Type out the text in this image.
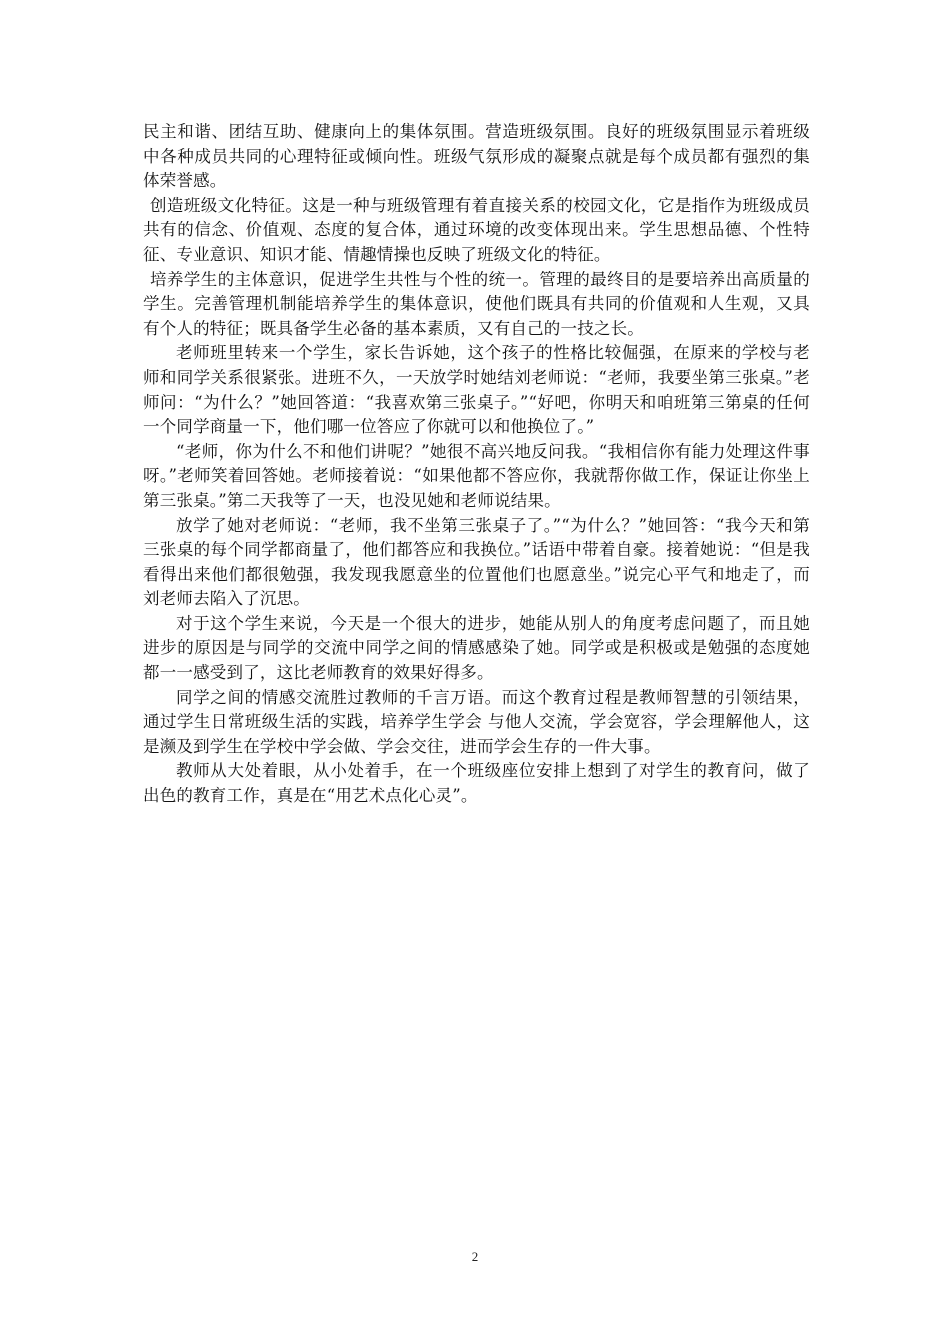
民主和谐、团结互助、健康向上的集体氛围。营造班级氛围。良好的班级氛围显示着班级中各种成员共同的心理特征或倾向性。班级气氛形成的凝聚点就是每个成员都有强烈的集体荣誉感。

创造班级文化特征。这是一种与班级管理有着直接关系的校园文化，它是指作为班级成员共有的信念、价值观、态度的复合体，通过环境的改变体现出来。学生思想品德、个性特征、专业意识、知识才能、情趣情操也反映了班级文化的特征。

培养学生的主体意识，促进学生共性与个性的统一。管理的最终目的是要培养出高质量的学生。完善管理机制能培养学生的集体意识，使他们既具有共同的价值观和人生观，又具有个人的特征；既具备学生必备的基本素质，又有自己的一技之长。

老师班里转来一个学生，家长告诉她，这个孩子的性格比较倔强，在原来的学校与老师和同学关系很紧张。进班不久，一天放学时她结刘老师说：“老师，我要坐第三张桌。”老师问：“为什么？”她回答道：“我喜欢第三张桌子。”“好吧，你明天和咱班第三第桌的任何一个同学商量一下，他们哪一位答应了你就可以和他换位了。”

“老师，你为什么不和他们讲呢？”她很不高兴地反问我。“我相信你有能力处理这件事呀。”老师笑着回答她。老师接着说：“如果他都不答应你，我就帮你做工作，保证让你坐上第三张桌。”第二天我等了一天，也没见她和老师说结果。

放学了她对老师说：“老师，我不坐第三张桌子了。”“为什么？”她回答：“我今天和第三张桌的每个同学都商量了，他们都答应和我换位。”话语中带着自豪。接着她说：“但是我看得出来他们都很勉强，我发现我愿意坐的位置他们也愿意坐。”说完心平气和地走了，而刘老师去陷入了沉思。

对于这个学生来说，今天是一个很大的进步，她能从别人的角度考虑问题了，而且她进步的原因是与同学的交流中同学之间的情感感染了她。同学或是积极或是勉强的态度她都一一感受到了，这比老师教育的效果好得多。

同学之间的情感交流胜过教师的千言万语。而这个教育过程是教师智慧的引领结果，通过学生日常班级生活的实践，培养学生学会 与他人交流，学会宽容，学会理解他人，这是濒及到学生在学校中学会做、学会交往，进而学会生存的一件大事。

教师从大处着眼，从小处着手，在一个班级座位安排上想到了对学生的教育问，做了出色的教育工作，真是在“用艺术点化心灵”。

2
